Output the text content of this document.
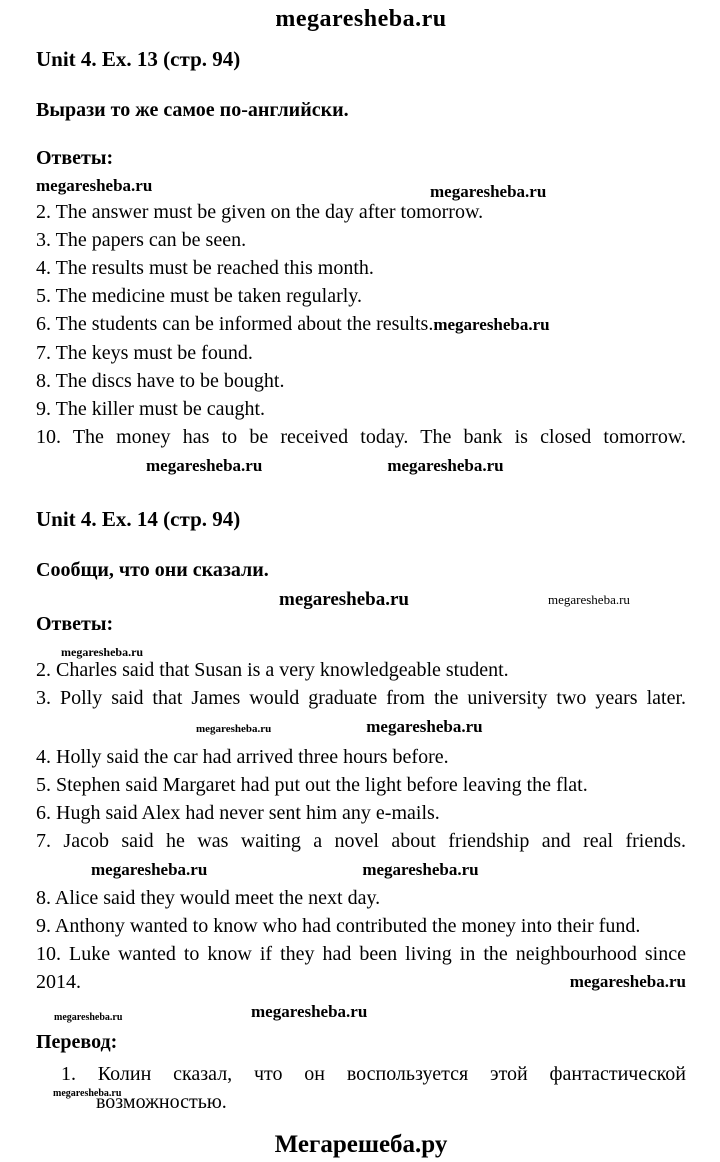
megaresheba.ru
Unit 4. Ex. 13 (стр. 94)

Вырази то же самое по-английски.

Ответы:

megaresheba.ru	megaresheba.ru

2. The answer must be given on the day after tomorrow.

3. The papers can be seen.

4. The results must be reached this month.

5. The medicine must be taken regularly.

6. The students can be informed about the results.megaresheba.ru

7. The keys must be found.

8. The discs have to be bought.

9. The killer must be caught.

10. The money has to be received today. The bank is closed tomorrow. megaresheba.ru	megaresheba.ru

Unit 4. Ex. 14 (стр. 94)

Сообщи, что они сказали.

megaresheba.ru	megaresheba.ru

Ответы:

megaresheba.ru

2. Charles said that Susan is a very knowledgeable student.

3. Polly said that James would graduate from the university two years later. megaresheba.ru	megaresheba.ru

4. Holly said the car had arrived three hours before.

5. Stephen said Margaret had put out the light before leaving the flat.

6. Hugh said Alex had never sent him any e-mails.

7. Jacob said he was waiting a novel about friendship and real friends. megaresheba.ru	megaresheba.ru

8. Alice said they would meet the next day.

9. Anthony wanted to know who had contributed the money into their fund.

10. Luke wanted to know if they had been living in the neighbourhood since 2014.	megaresheba.ru

megaresheba.ru	megaresheba.ru

Перевод:

megaresheba.ru
1. Колин сказал, что он воспользуется этой фантастической возможностью.

Мегарешеба.ру
